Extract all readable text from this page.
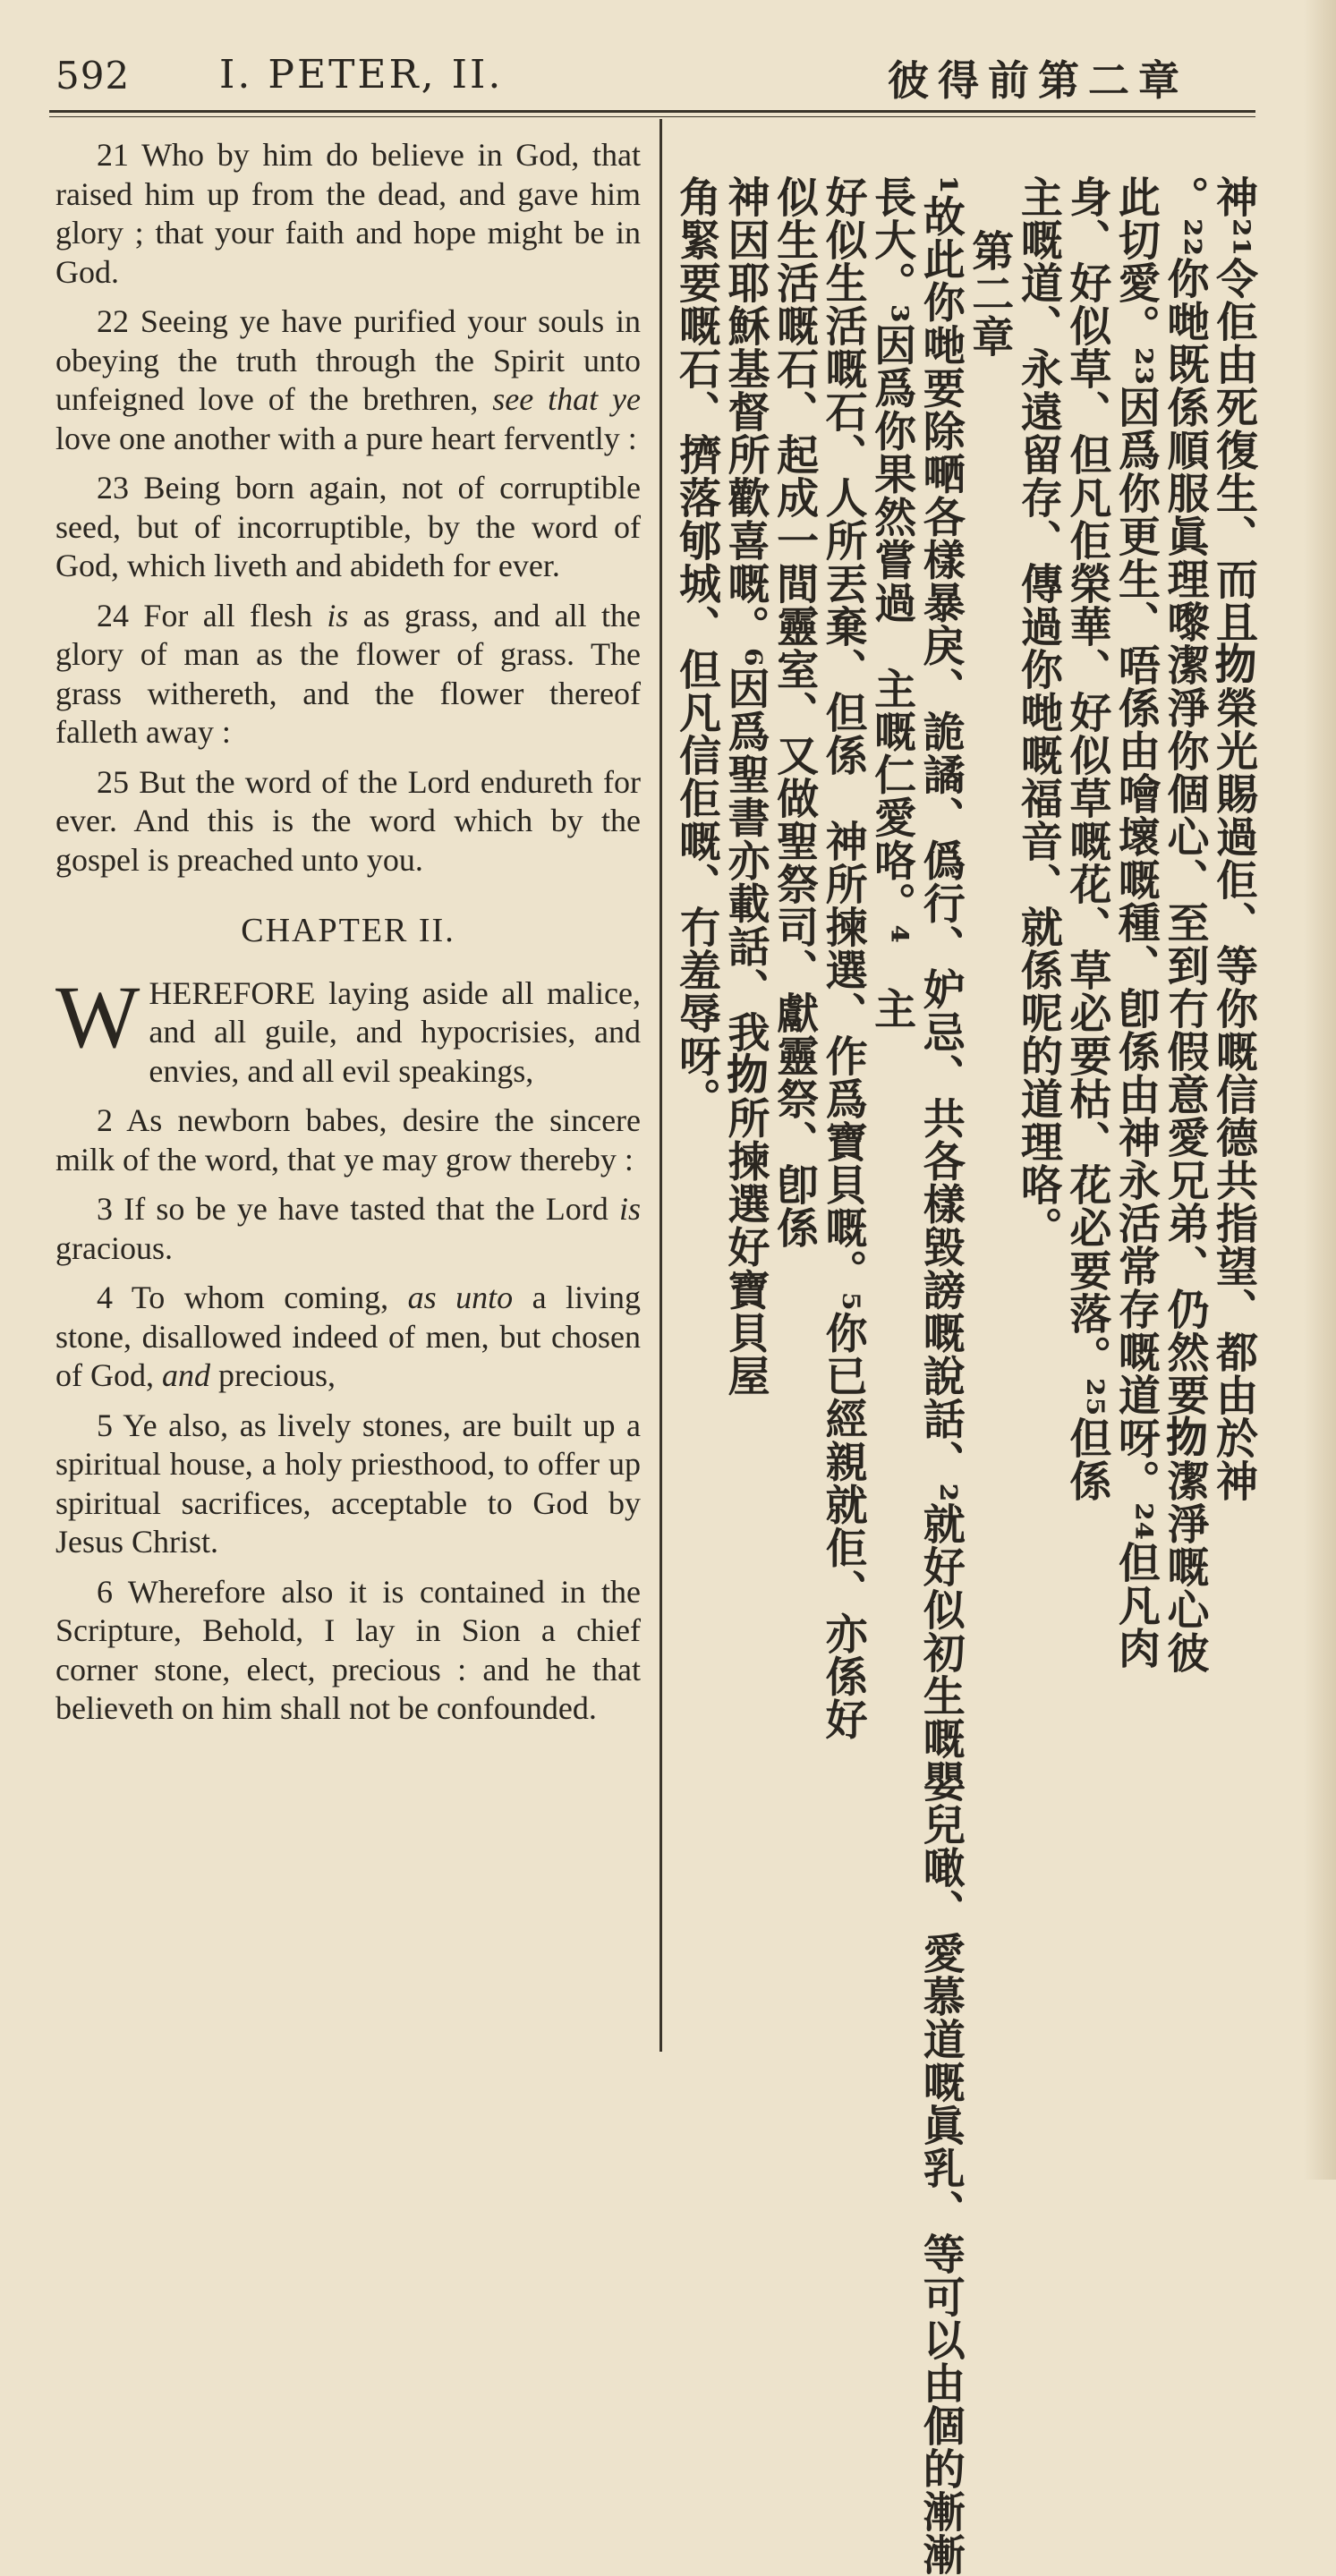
592 I. PETER, II.	彼得前第二章

21 Who by him do believe in God, that raised him up from the dead, and gave him glory ; that your faith and hope might be in God.

22 Seeing ye have purified your souls in obeying the truth through the Spirit unto unfeigned love of the brethren, see that ye love one another with a pure heart fervently :

23 Being born again, not of corruptible seed, but of incorruptible, by the word of God, which liveth and abideth for ever.

24 For all flesh is as grass, and all the glory of man as the flower of grass. The grass withereth, and the flower thereof falleth away :

25 But the word of the Lord endureth for ever. And this is the word which by the gospel is preached unto you.

CHAPTER II.
WHEREFORE laying aside all malice, and all guile, and hypocrisies, and envies, and all evil speakings,

2 As newborn babes, desire the sincere milk of the word, that ye may grow thereby :

3 If so be ye have tasted that the Lord is gracious.

4 To whom coming, as unto a living stone, disallowed indeed of men, but chosen of God, and precious,

5 Ye also, as lively stones, are built up a spiritual house, a holy priesthood, to offer up spiritual sacrifices, acceptable to God by Jesus Christ.

6 Wherefore also it is contained in the Scripture, Behold, I lay in Sion a chief corner stone, elect, precious : and he that believeth on him shall not be confounded.

神²¹令佢由死復生、而且𢪱榮光賜過佢、等你嘅信德共指望、都由於神
。²²你哋既係順服眞理嚟潔淨你個心、至到冇假意愛兄弟、仍然要𢪱潔淨嘅心彼
此切愛。²³因爲你更生、唔係由噲壞嘅種、卽係由神永活常存嘅道呀。²⁴但凡肉
身、好似草、但凡佢榮華、好似草嘅花、草必要枯、花必要落。²⁵但係
主嘅道、永遠留存、傳過你哋嘅福音、就係呢的道理咯。
第二章
¹故此你哋要除嗮各樣暴戾、詭譎、僞行、妒忌、共各樣毀謗嘅說話、²就好似初生嘅嬰兒噉、愛慕道嘅眞乳、等可以由個的漸漸
長大。³因爲你果然嘗過　主嘅仁愛咯。⁴　主
好似生活嘅石、人所丟棄、但係　神所揀選、作爲寶貝嘅。⁵你已經親就佢、亦係好
似生活嘅石、起成一間靈室、又做聖祭司、獻靈祭、卽係
神因耶穌基督所歡喜嘅。⁶因爲聖書亦載話、我𢪱所揀選好寶貝屋
角緊要嘅石、擠落郇城、但凡信佢嘅、冇羞辱呀。
